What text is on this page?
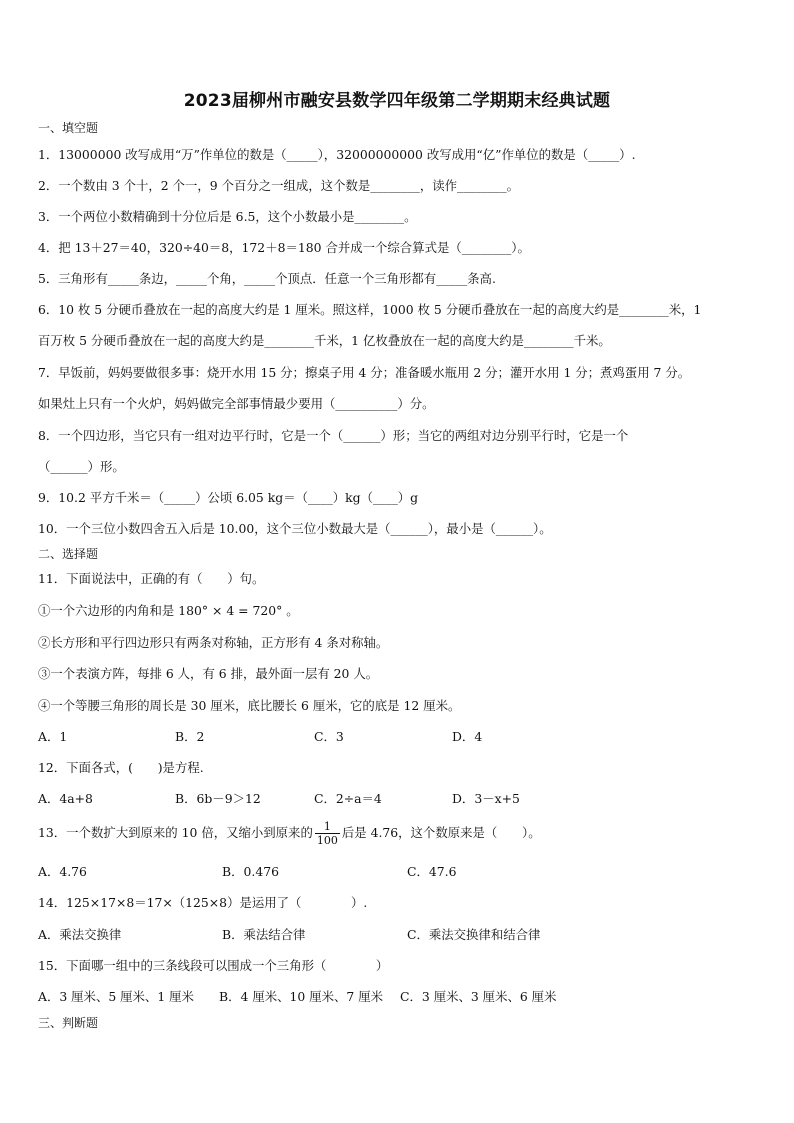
2023届柳州市融安县数学四年级第二学期期末经典试题
一、填空题
1．13000000 改写成用“万”作单位的数是（_____），32000000000 改写成用“亿”作单位的数是（_____）.
2．一个数由 3 个十，2 个一，9 个百分之一组成，这个数是________，读作________。
3．一个两位小数精确到十分位后是 6.5，这个小数最小是________。
4．把 13＋27＝40，320÷40＝8，172＋8＝180 合并成一个综合算式是（________）。
5．三角形有_____条边，_____个角，_____个顶点．任意一个三角形都有_____条高.
6．10 枚 5 分硬币叠放在一起的高度大约是 1 厘米。照这样，1000 枚 5 分硬币叠放在一起的高度大约是________米，1
百万枚 5 分硬币叠放在一起的高度大约是________千米，1 亿枚叠放在一起的高度大约是________千米。
7．早饭前，妈妈要做很多事：烧开水用 15 分；擦桌子用 4 分；准备暖水瓶用 2 分；灌开水用 1 分；煮鸡蛋用 7 分。
如果灶上只有一个火炉，妈妈做完全部事情最少要用（__________）分。
8．一个四边形，当它只有一组对边平行时，它是一个（______）形；当它的两组对边分别平行时，它是一个
（______）形。
9．10.2 平方千米＝（_____）公顷 6.05 kg＝（____）kg（____）g
10．一个三位小数四舍五入后是 10.00，这个三位小数最大是（______），最小是（______）。
二、选择题
11．下面说法中，正确的有（　　）句。
①一个六边形的内角和是 180° × 4 = 720° 。
②长方形和平行四边形只有两条对称轴，正方形有 4 条对称轴。
③一个表演方阵，每排 6 人，有 6 排，最外面一层有 20 人。
④一个等腰三角形的周长是 30 厘米，底比腰长 6 厘米，它的底是 12 厘米。
A．1	B．2	C．3	D．4
12．下面各式，(　　)是方程.
A．4a+8	B．6b－9＞12	C．2÷a＝4	D．3－x+5
13．一个数扩大到原来的 10 倍，又缩小到原来的 $\frac{1}{100}$ 后是 4.76，这个数原来是（　　）。
A．4.76	B．0.476	C．47.6
14．125×17×8＝17×（125×8）是运用了（　　　　）.
A．乘法交换律	B．乘法结合律	C．乘法交换律和结合律
15．下面哪一组中的三条线段可以围成一个三角形（　　　　）
A．3 厘米、5 厘米、1 厘米 B．4 厘米、10 厘米、7 厘米 C．3 厘米、3 厘米、6 厘米
三、判断题
